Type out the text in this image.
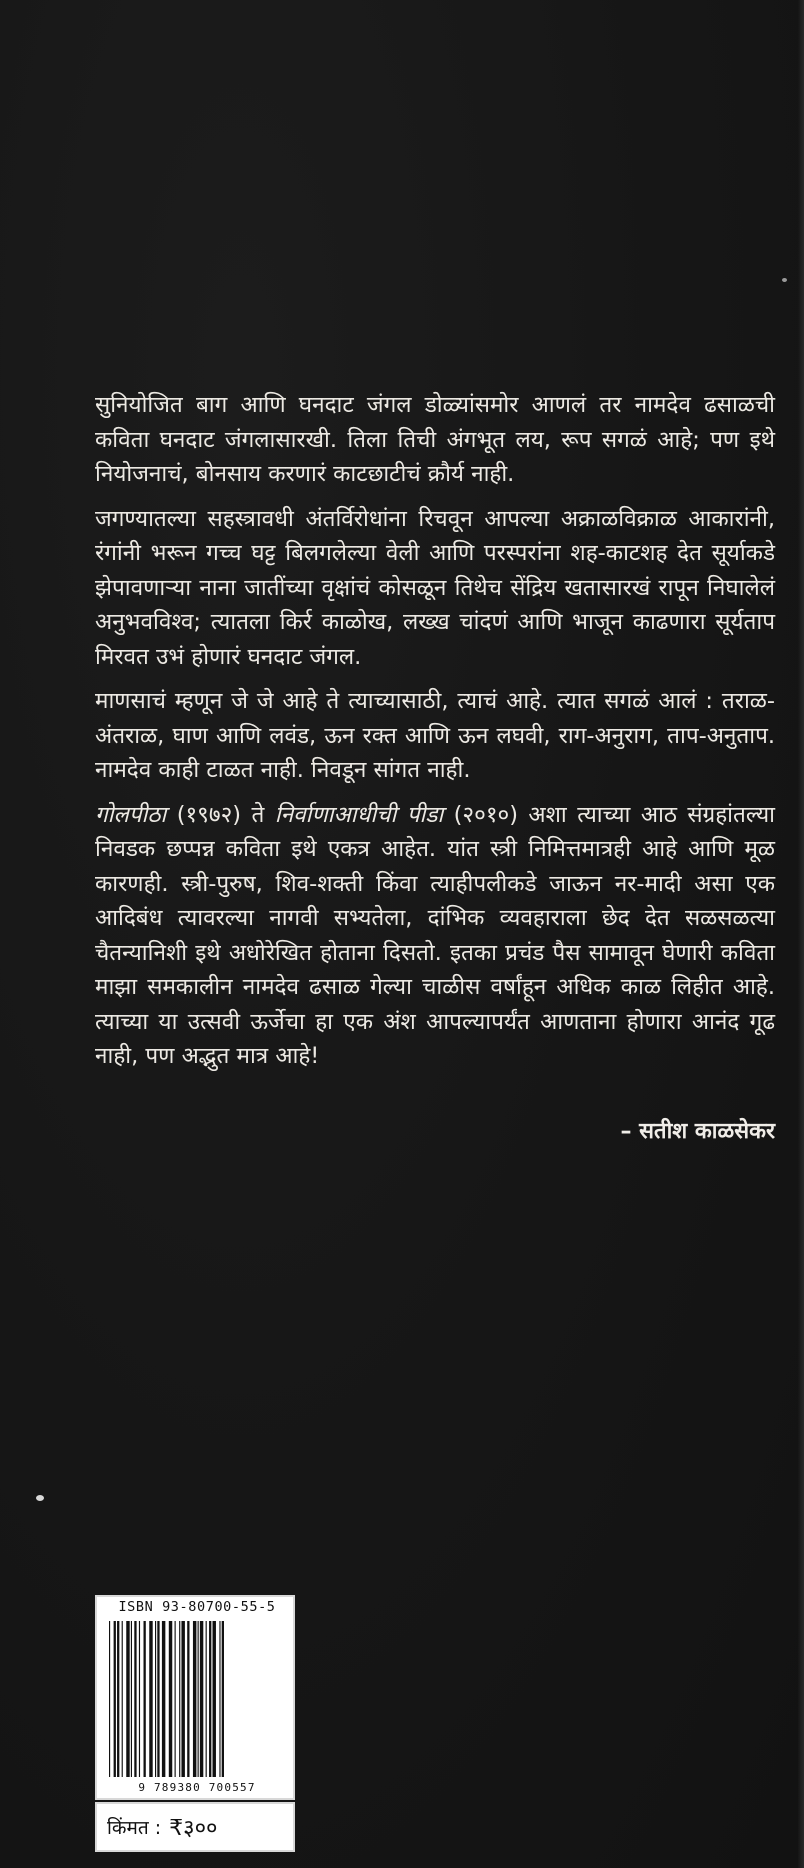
सुनियोजित बाग आणि घनदाट जंगल डोळ्यांसमोर आणलं तर नामदेव ढसाळची कविता घनदाट जंगलासारखी. तिला तिची अंगभूत लय, रूप सगळं आहे; पण इथे नियोजनाचं, बोनसाय करणारं काटछाटीचं क्रौर्य नाही.

जगण्यातल्या सहस्त्रावधी अंतर्विरोधांना रिचवून आपल्या अक्राळविक्राळ आकारांनी, रंगांनी भरून गच्च घट्ट बिलगलेल्या वेली आणि परस्परांना शह-काटशह देत सूर्याकडे झेपावणाऱ्या नाना जातींच्या वृक्षांचं कोसळून तिथेच सेंद्रिय खतासारखं रापून निघालेलं अनुभवविश्व; त्यातला किर्र काळोख, लख्ख चांदणं आणि भाजून काढणारा सूर्यताप मिरवत उभं होणारं घनदाट जंगल.

माणसाचं म्हणून जे जे आहे ते त्याच्यासाठी, त्याचं आहे. त्यात सगळं आलं : तराळ-अंतराळ, घाण आणि लवंड, ऊन रक्त आणि ऊन लघवी, राग-अनुराग, ताप-अनुताप. नामदेव काही टाळत नाही. निवडून सांगत नाही.

गोलपीठा (१९७२) ते निर्वाणाआधीची पीडा (२०१०) अशा त्याच्या आठ संग्रहांतल्या निवडक छप्पन्न कविता इथे एकत्र आहेत. यांत स्त्री निमित्तमात्रही आहे आणि मूळ कारणही. स्त्री-पुरुष, शिव-शक्ती किंवा त्याहीपलीकडे जाऊन नर-मादी असा एक आदिबंध त्यावरल्या नागवी सभ्यतेला, दांभिक व्यवहाराला छेद देत सळसळत्या चैतन्यानिशी इथे अधोरेखित होताना दिसतो. इतका प्रचंड पैस सामावून घेणारी कविता माझा समकालीन नामदेव ढसाळ गेल्या चाळीस वर्षांहून अधिक काळ लिहीत आहे. त्याच्या या उत्सवी ऊर्जेचा हा एक अंश आपल्यापर्यंत आणताना होणारा आनंद गूढ नाही, पण अद्भुत मात्र आहे!

– सतीश काळसेकर
ISBN 93-80700-55-5
9 789380 700557
किंमत : ₹३००
